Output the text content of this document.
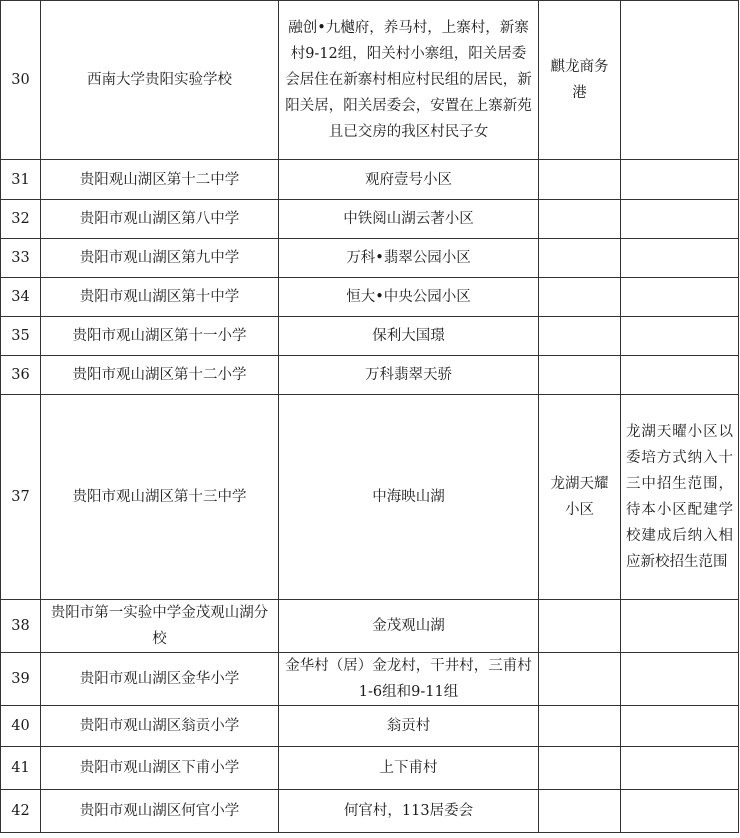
30	西南大学贵阳实验学校	融创•九樾府，养马村，上寨村，新寨村9-12组，阳关村小寨组，阳关居委会居住在新寨村相应村民组的居民，新阳关居，阳关居委会，安置在上寨新苑且已交房的我区村民子女	麒龙商务港	
31	贵阳观山湖区第十二中学	观府壹号小区		
32	贵阳市观山湖区第八中学	中铁阅山湖云著小区		
33	贵阳市观山湖区第九中学	万科•翡翠公园小区		
34	贵阳市观山湖区第十中学	恒大•中央公园小区		
35	贵阳市观山湖区第十一小学	保利大国璟		
36	贵阳市观山湖区第十二小学	万科翡翠天骄		
37	贵阳市观山湖区第十三中学	中海映山湖	龙湖天耀小区	龙湖天曜小区以委培方式纳入十三中招生范围，待本小区配建学校建成后纳入相应新校招生范围
38	贵阳市第一实验中学金茂观山湖分校	金茂观山湖		
39	贵阳市观山湖区金华小学	金华村（居）金龙村，干井村，三甫村1-6组和9-11组		
40	贵阳市观山湖区翁贡小学	翁贡村		
41	贵阳市观山湖区下甫小学	上下甫村		
42	贵阳市观山湖区何官小学	何官村，113居委会		
